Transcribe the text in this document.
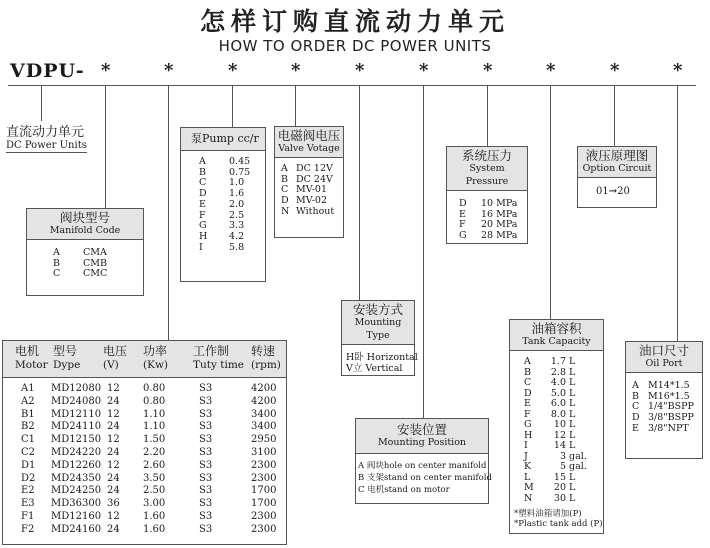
怎样订购直流动力单元
HOW TO ORDER DC POWER UNITS
VDPU- *	*	*	*	*	*	*	*	*	*
直流动力单元
DC Power Units
阀块型号
Manifold Code
A CMA
B CMB
C CMC
泵Pump cc/r
A 0.45
B 0.75
C 1.0
D 1.6
E 2.0
F 2.5
G 3.3
H 4.2
I	5.8
电磁阀电压
Valve Votage
A DC 12V
B DC 24V
C MV-01
D MV-02
N Without
安装方式
Mounting Type
H卧 Horizontal
V立 Vertical
安装位置
Mounting Position
A 阀块hole on center manifold
B 支架stand on center manifold
C 电机stand on motor
系统压力
System Pressure
D 10 MPa
E 16 MPa
F 20 MPa
G 28 MPa
液压原理图
Option Circuit
01→20
油箱容积
Tank Capacity
A 1.7 L
B 2.8 L
C 4.0 L
D 5.0 L
E 6.0 L
F 8.0 L
G 10 L
H 12 L
I	14 L
J	3 gal.
K	5 gal.
L 15 L
M 20 L
N 30 L
*塑料油箱请加(P)
*Plastic tank add (P)
油口尺寸
Oil Port
A M14*1.5
B M16*1.5
C 1/4"BSPP
D 3/8"BSPP
E 3/8"NPT
电机
Motor
型号
Dype
电压
(V)
功率
(Kw)
工作制
Tuty time
转速
(rpm)
A1 MD12080 12 0.80	S3	4200
A2 MD24080 24 0.80	S3	4200
B1 MD12110 12 1.10	S3	3400
B2 MD24110 24 1.10	S3	3400
C1 MD12150 12 1.50	S3	2950
C2 MD24220 24 2.20	S3	3100
D1 MD12260 12 2.60	S3	2300
D2 MD24350 24 3.50	S3	2300
E2 MD24250 24 2.50	S3	1700
E3 MD36300 36 3.00	S3	1700
F1 MD12160 12 1.60	S3	2300
F2 MD24160 24 1.60	S3	2300
